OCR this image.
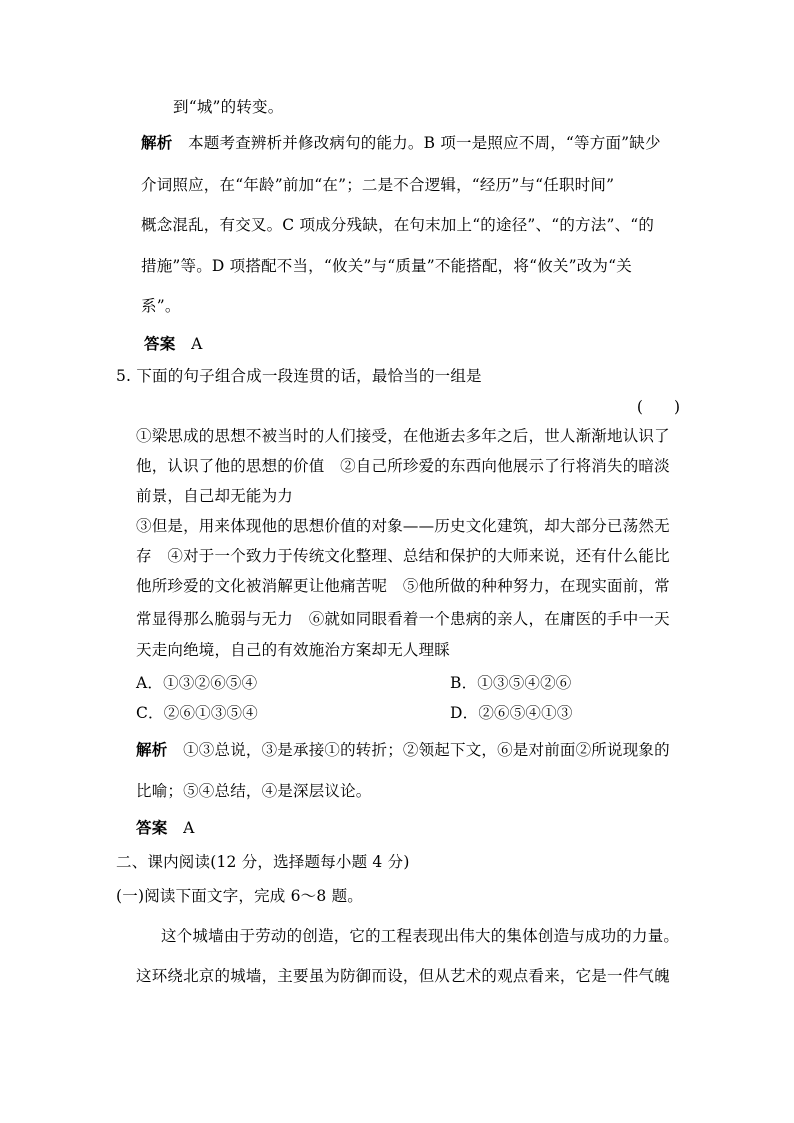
到“城”的转变。
解析　 本题考查辨析并修改病句的能力。B 项一是照应不周，“等方面”缺少
介词照应，在“年龄”前加“在”；二是不合逻辑，“经历”与“任职时间”
概念混乱，有交叉。C 项成分残缺，在句末加上“的途径”、“的方法”、“的
措施”等。D 项搭配不当，“攸关”与“质量”不能搭配，将“攸关”改为“关
系”。
答案　 A
5. 下面的句子组合成一段连贯的话，最恰当的一组是
(　　)
①梁思成的思想不被当时的人们接受，在他逝去多年之后，世人渐渐地认识了
他，认识了他的思想的价值　②自己所珍爱的东西向他展示了行将消失的暗淡
前景，自己却无能为力
③但是，用来体现他的思想价值的对象——历史文化建筑，却大部分已荡然无
存　④对于一个致力于传统文化整理、总结和保护的大师来说，还有什么能比
他所珍爱的文化被消解更让他痛苦呢　⑤他所做的种种努力，在现实面前，常
常显得那么脆弱与无力　⑥就如同眼看着一个患病的亲人，在庸医的手中一天
天走向绝境，自己的有效施治方案却无人理睬
A．①③②⑥⑤④	B．①③⑤④②⑥
C．②⑥①③⑤④	D．②⑥⑤④①③
解析　 ①③总说，③是承接①的转折；②领起下文，⑥是对前面②所说现象的
比喻；⑤④总结，④是深层议论。
答案　 A
二、课内阅读(12 分，选择题每小题 4 分)
(一)阅读下面文字，完成 6～8 题。
这个城墙由于劳动的创造，它的工程表现出伟大的集体创造与成功的力量。
这环绕北京的城墙，主要虽为防御而设，但从艺术的观点看来，它是一件气魄
